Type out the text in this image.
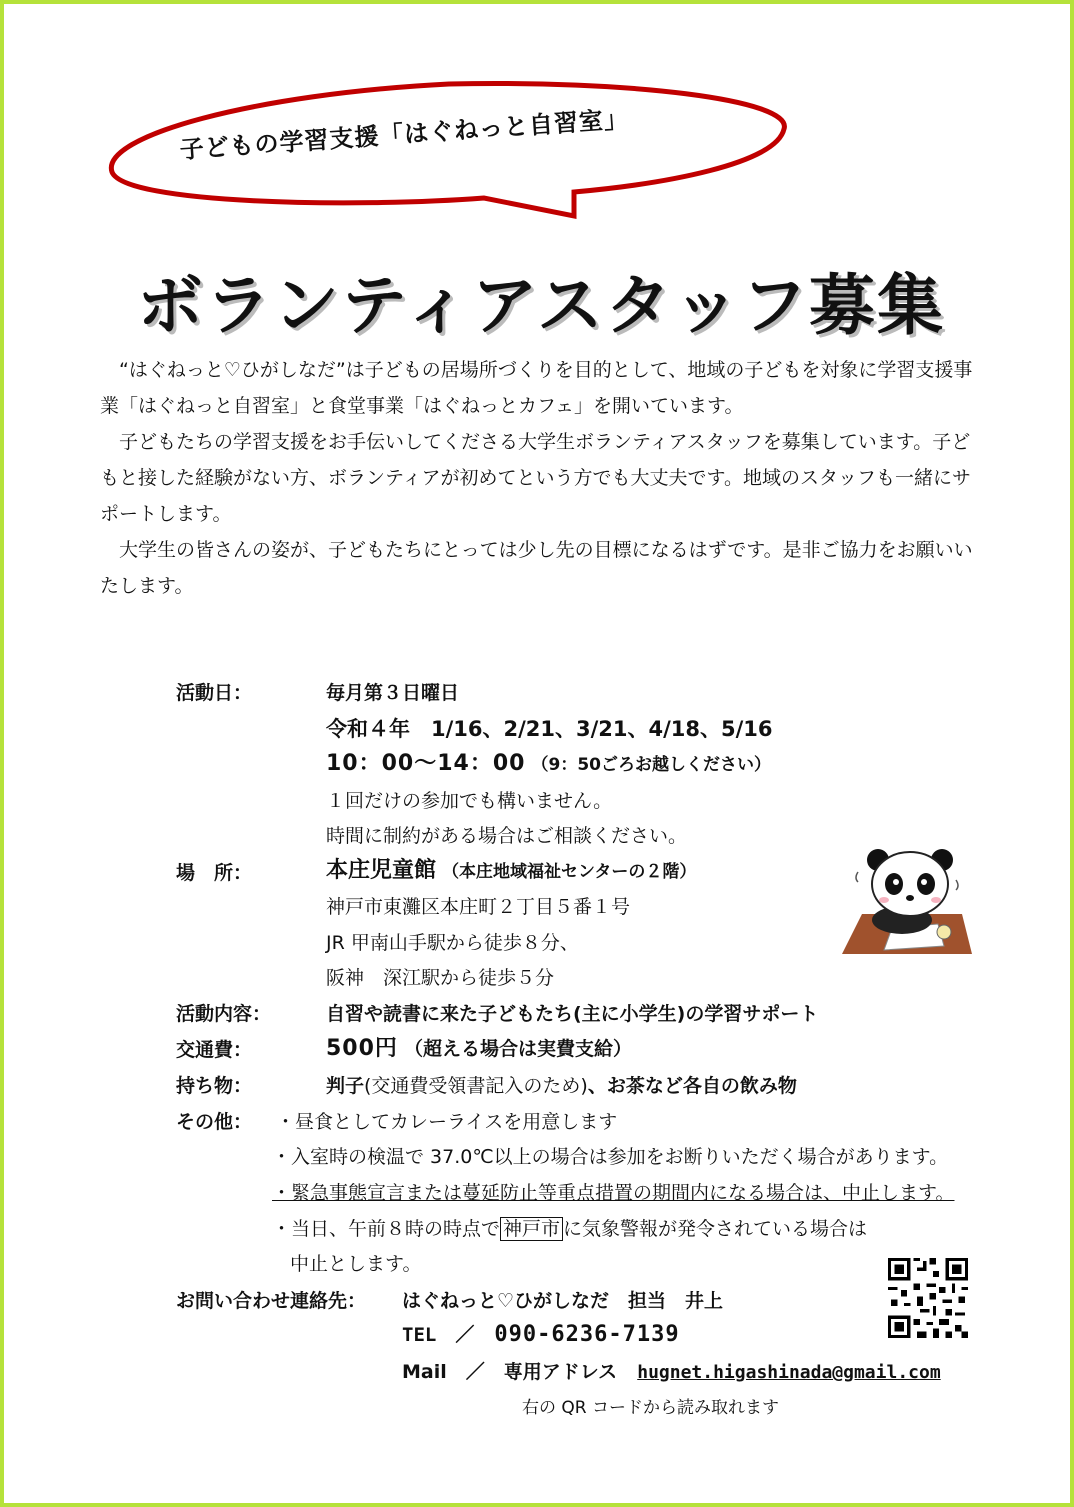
子どもの学習支援「はぐねっと自習室」
ボランティアスタッフ募集

　“はぐねっと♡ひがしなだ”は子どもの居場所づくりを目的として、地域の子どもを対象に学習支援事業「はぐねっと自習室」と食堂事業「はぐねっとカフェ」を開いています。

　子どもたちの学習支援をお手伝いしてくださる大学生ボランティアスタッフを募集しています。子どもと接した経験がない方、ボランティアが初めてという方でも大丈夫です。地域のスタッフも一緒にサポートします。

　大学生の皆さんの姿が、子どもたちにとっては少し先の目標になるはずです。是非ご協力をお願いいたします。

活動日：	毎月第３日曜日
令和４年　1/16、2/21、3/21、4/18、5/16
10：00～14：00 （9：50ごろお越しください）
１回だけの参加でも構いません。
時間に制約がある場合はご相談ください。
場　所：	本庄児童館 （本庄地域福祉センターの２階）
神戸市東灘区本庄町２丁目５番１号
JR 甲南山手駅から徒歩８分、
阪神　深江駅から徒歩５分
活動内容：	自習や読書に来た子どもたち(主に小学生)の学習サポート
交通費：	500円 （超える場合は実費支給）
持ち物：	判子(交通費受領書記入のため)、お茶など各自の飲み物
その他： ・昼食としてカレーライスを用意します
・入室時の検温で 37.0℃以上の場合は参加をお断りいただく場合があります。
・緊急事態宣言または蔓延防止等重点措置の期間内になる場合は、中止します。
・当日、午前８時の時点で 神戸市 に気象警報が発令されている場合は
中止とします。
お問い合わせ連絡先： はぐねっと♡ひがしなだ　担当　井上
TEL　／ 090-6236-7139
Mail　／　専用アドレス hugnet.higashinada@gmail.com
右の QR コードから読み取れます
